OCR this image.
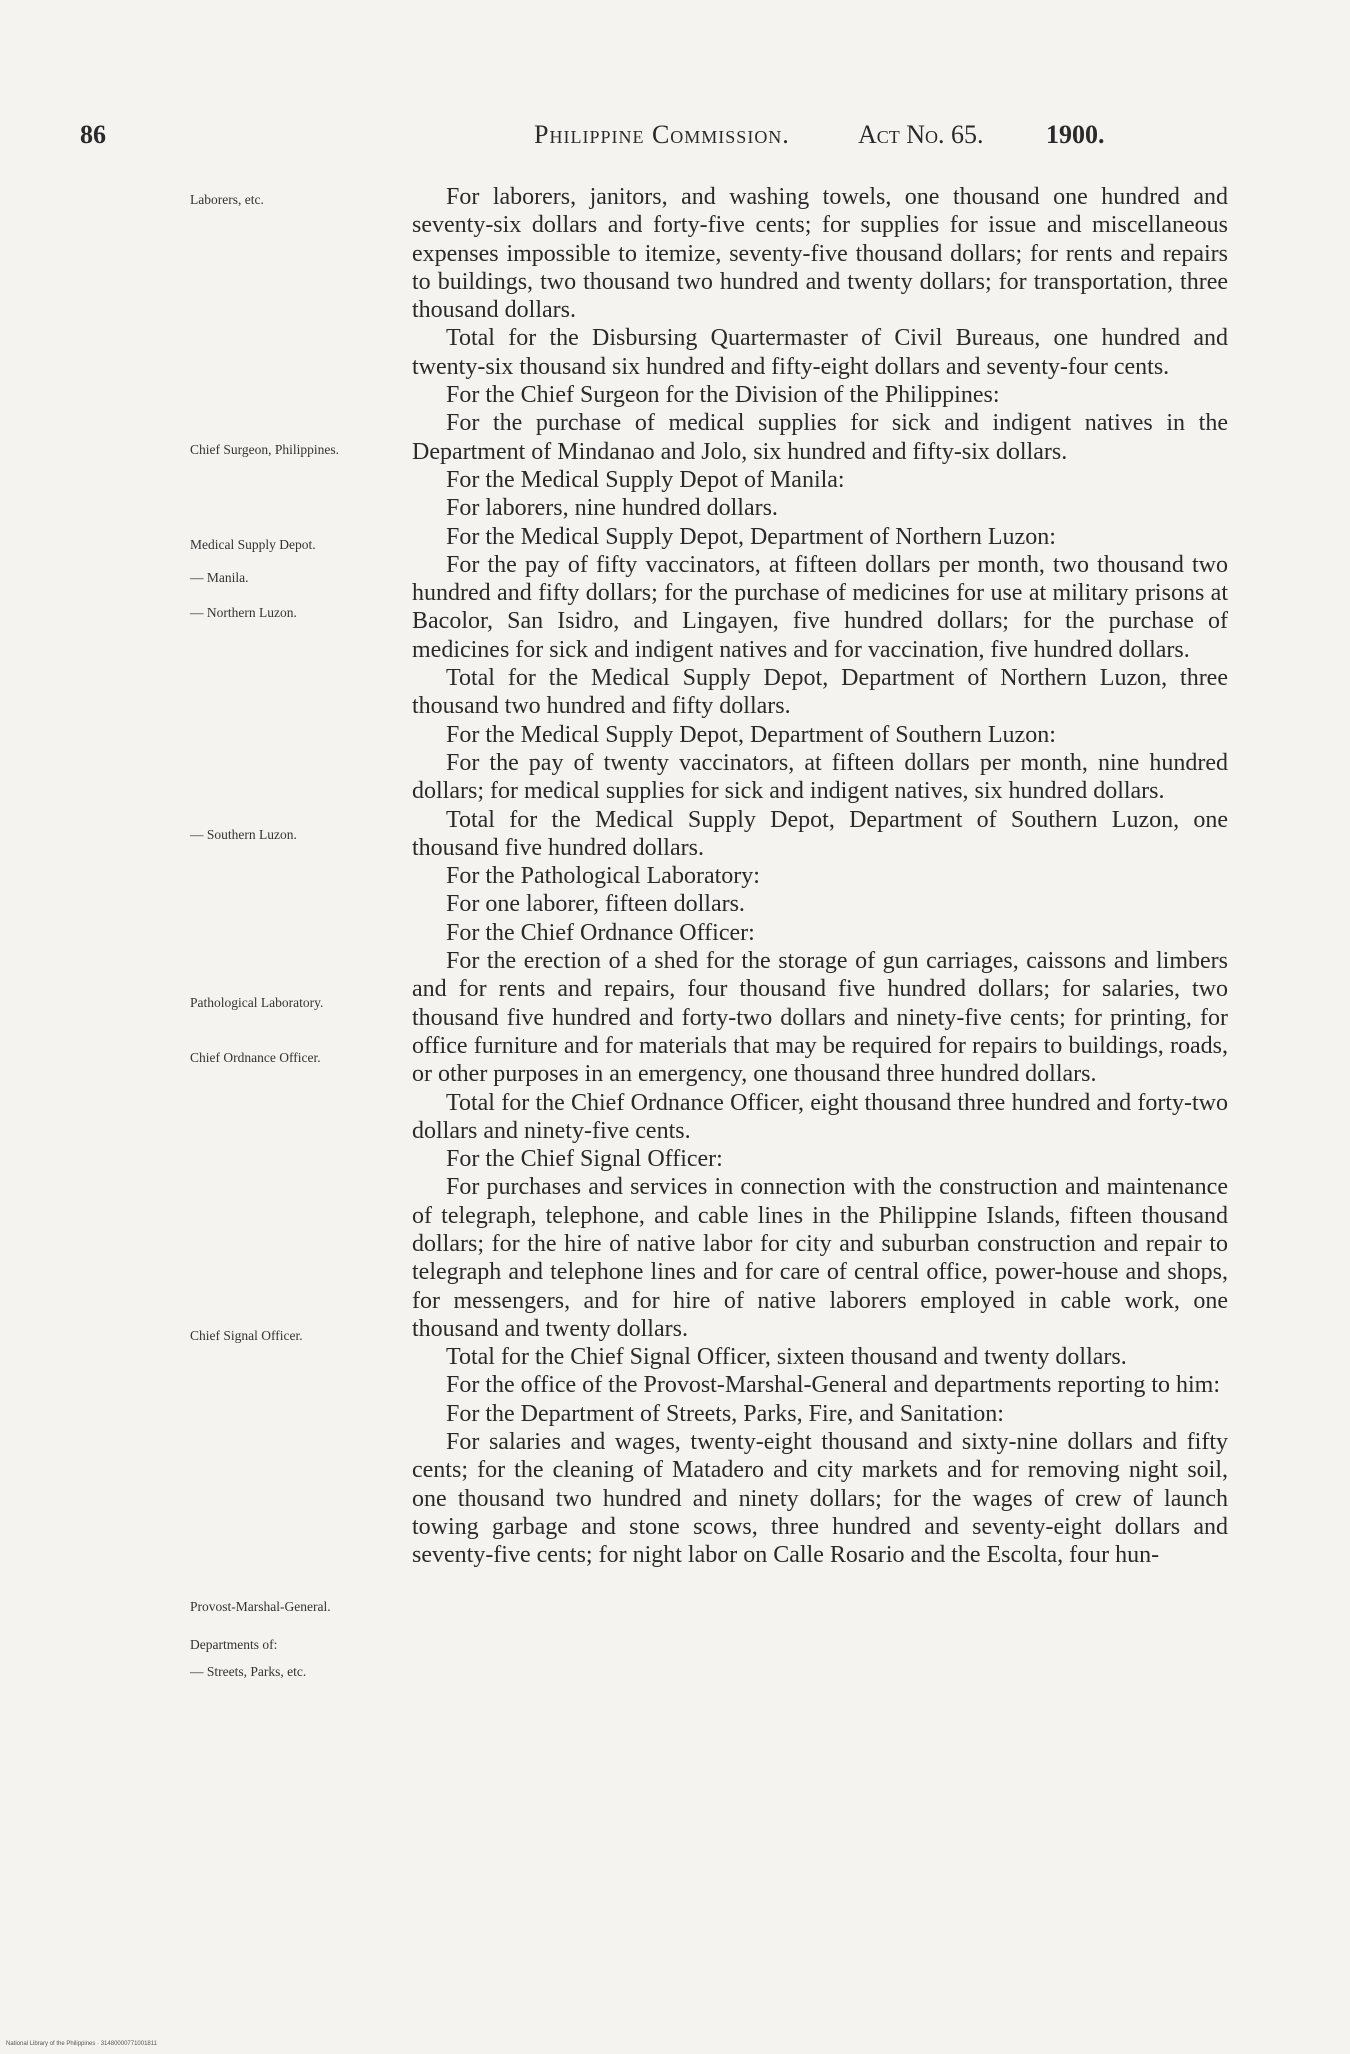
86	Philippine Commission.	Act No. 65. 1900.
Laborers, etc.
Chief Surgeon, Philippines.
Medical Supply Depot.
— Manila.
— Northern Luzon.
— Southern Luzon.
Pathological Laboratory.
Chief Ordnance Officer.
Chief Signal Officer.
Provost-Marshal-General.
Departments of:
— Streets, Parks, etc.

For laborers, janitors, and washing towels, one thousand one hundred and seventy-six dollars and forty-five cents; for supplies for issue and miscellaneous expenses impossible to itemize, seventy-five thousand dollars; for rents and repairs to buildings, two thousand two hundred and twenty dollars; for transportation, three thousand dollars.

Total for the Disbursing Quartermaster of Civil Bureaus, one hundred and twenty-six thousand six hundred and fifty-eight dollars and seventy-four cents.

For the Chief Surgeon for the Division of the Philippines:

For the purchase of medical supplies for sick and indigent natives in the Department of Mindanao and Jolo, six hundred and fifty-six dollars.

For the Medical Supply Depot of Manila:

For laborers, nine hundred dollars.

For the Medical Supply Depot, Department of Northern Luzon:

For the pay of fifty vaccinators, at fifteen dollars per month, two thousand two hundred and fifty dollars; for the purchase of medicines for use at military prisons at Bacolor, San Isidro, and Lingayen, five hundred dollars; for the purchase of medicines for sick and indigent natives and for vaccination, five hundred dollars.

Total for the Medical Supply Depot, Department of Northern Luzon, three thousand two hundred and fifty dollars.

For the Medical Supply Depot, Department of Southern Luzon:

For the pay of twenty vaccinators, at fifteen dollars per month, nine hundred dollars; for medical supplies for sick and indigent natives, six hundred dollars.

Total for the Medical Supply Depot, Department of Southern Luzon, one thousand five hundred dollars.

For the Pathological Laboratory:

For one laborer, fifteen dollars.

For the Chief Ordnance Officer:

For the erection of a shed for the storage of gun carriages, caissons and limbers and for rents and repairs, four thousand five hundred dollars; for salaries, two thousand five hundred and forty-two dollars and ninety-five cents; for printing, for office furniture and for materials that may be required for repairs to buildings, roads, or other purposes in an emergency, one thousand three hundred dollars.

Total for the Chief Ordnance Officer, eight thousand three hundred and forty-two dollars and ninety-five cents.

For the Chief Signal Officer:

For purchases and services in connection with the construction and maintenance of telegraph, telephone, and cable lines in the Philippine Islands, fifteen thousand dollars; for the hire of native labor for city and suburban construction and repair to telegraph and telephone lines and for care of central office, power-house and shops, for messengers, and for hire of native laborers employed in cable work, one thousand and twenty dollars.

Total for the Chief Signal Officer, sixteen thousand and twenty dollars.

For the office of the Provost-Marshal-General and departments reporting to him:

For the Department of Streets, Parks, Fire, and Sanitation:

For salaries and wages, twenty-eight thousand and sixty-nine dollars and fifty cents; for the cleaning of Matadero and city markets and for removing night soil, one thousand two hundred and ninety dollars; for the wages of crew of launch towing garbage and stone scows, three hundred and seventy-eight dollars and seventy-five cents; for night labor on Calle Rosario and the Escolta, four hun-

National Library of the Philippines · 31480000771001811
